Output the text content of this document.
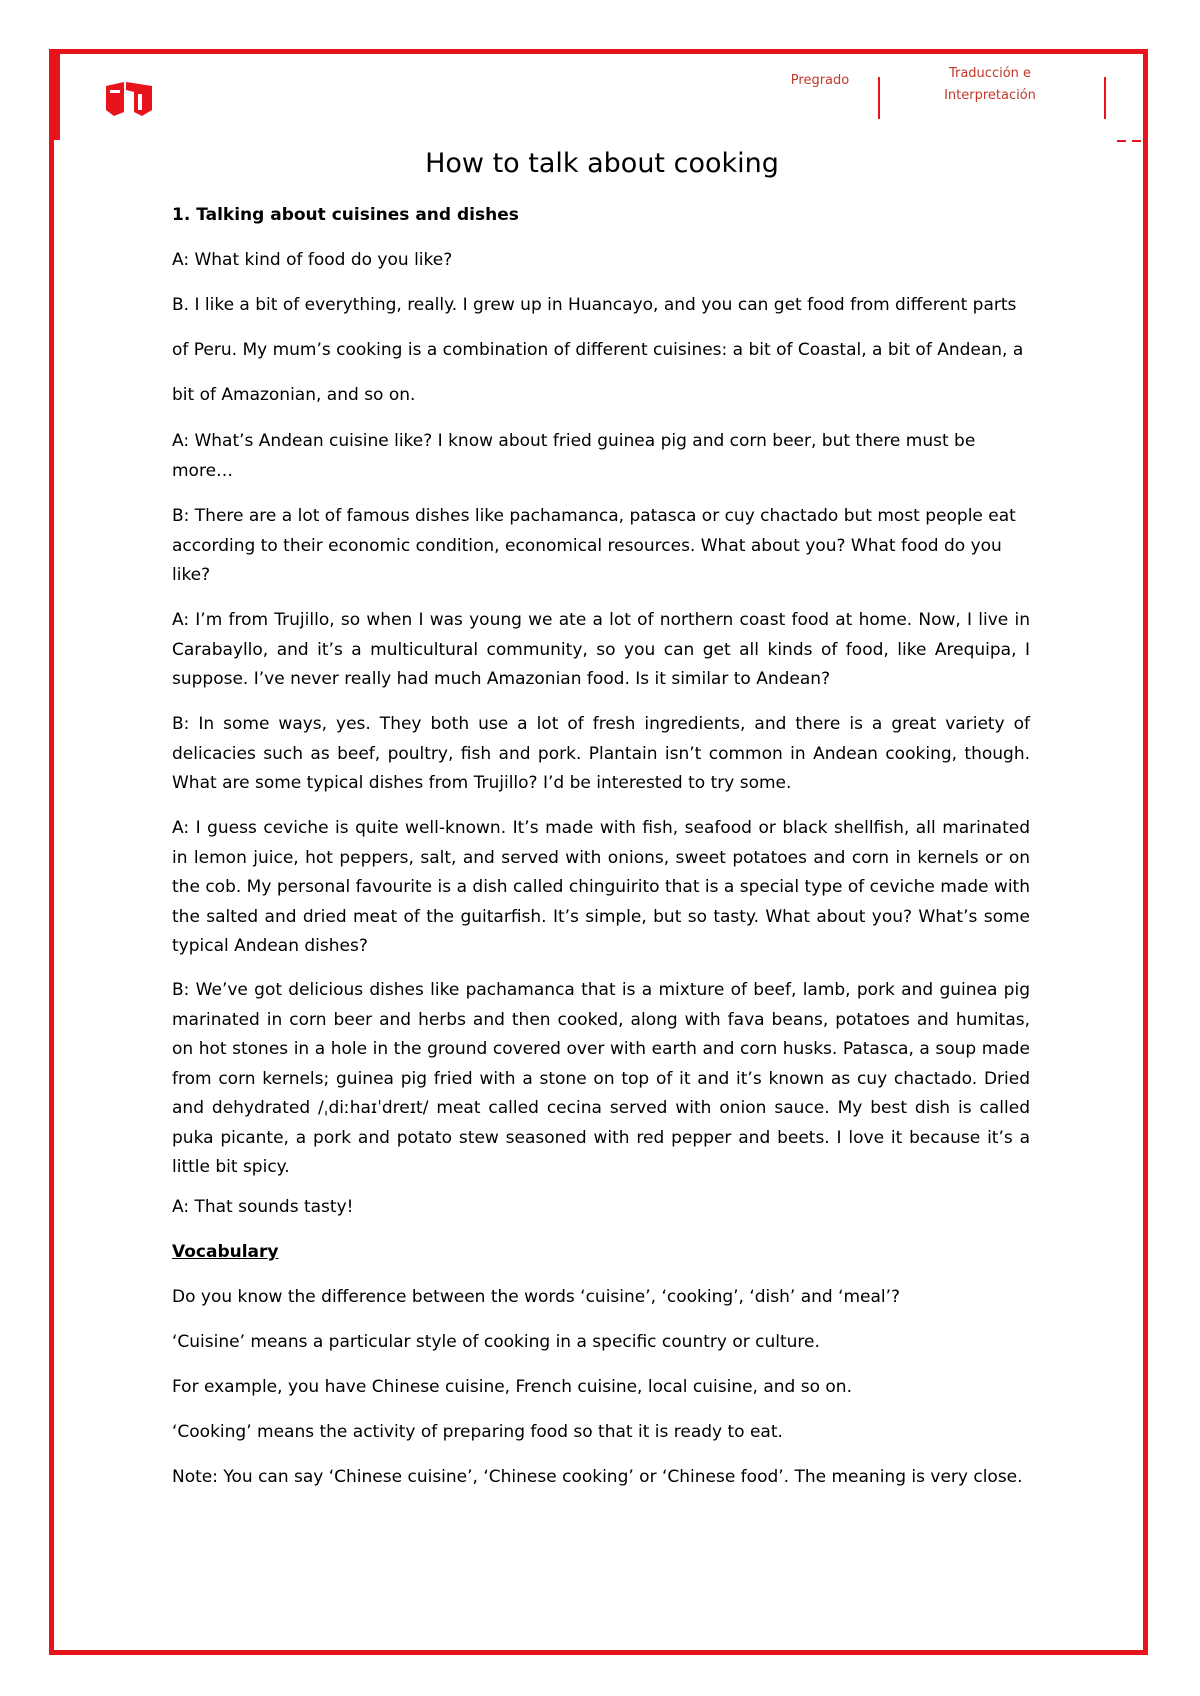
Pregrado	Traducción e
Interpretación
How to talk about cooking

1. Talking about cuisines and dishes

A: What kind of food do you like?

B. I like a bit of everything, really. I grew up in Huancayo, and you can get food from different parts of Peru. My mum’s cooking is a combination of different cuisines: a bit of Coastal, a bit of Andean, a bit of Amazonian, and so on.

A: What’s Andean cuisine like? I know about fried guinea pig and corn beer, but there must be more…

B: There are a lot of famous dishes like pachamanca, patasca or cuy chactado but most people eat according to their economic condition, economical resources. What about you? What food do you like?

A: I’m from Trujillo, so when I was young we ate a lot of northern coast food at home. Now, I live in Carabayllo, and it’s a multicultural community, so you can get all kinds of food, like Arequipa, I suppose. I’ve never really had much Amazonian food. Is it similar to Andean?

B: In some ways, yes. They both use a lot of fresh ingredients, and there is a great variety of delicacies such as beef, poultry, fish and pork. Plantain isn’t common in Andean cooking, though. What are some typical dishes from Trujillo? I’d be interested to try some.

A: I guess ceviche is quite well-known. It’s made with fish, seafood or black shellfish, all marinated in lemon juice, hot peppers, salt, and served with onions, sweet potatoes and corn in kernels or on the cob. My personal favourite is a dish called chinguirito that is a special type of ceviche made with the salted and dried meat of the guitarfish. It’s simple, but so tasty. What about you? What’s some typical Andean dishes?

B: We’ve got delicious dishes like pachamanca that is a mixture of beef, lamb, pork and guinea pig marinated in corn beer and herbs and then cooked, along with fava beans, potatoes and humitas, on hot stones in a hole in the ground covered over with earth and corn husks. Patasca, a soup made from corn kernels; guinea pig fried with a stone on top of it and it’s known as cuy chactado. Dried and dehydrated /ˌdiːhaɪˈdreɪt/ meat called cecina served with onion sauce. My best dish is called puka picante, a pork and potato stew seasoned with red pepper and beets. I love it because it’s a little bit spicy.

A: That sounds tasty!

Vocabulary

Do you know the difference between the words ‘cuisine’, ‘cooking’, ‘dish’ and ‘meal’?

‘Cuisine’ means a particular style of cooking in a specific country or culture.

For example, you have Chinese cuisine, French cuisine, local cuisine, and so on.

‘Cooking’ means the activity of preparing food so that it is ready to eat.

Note: You can say ‘Chinese cuisine’, ‘Chinese cooking’ or ‘Chinese food’. The meaning is very close.
